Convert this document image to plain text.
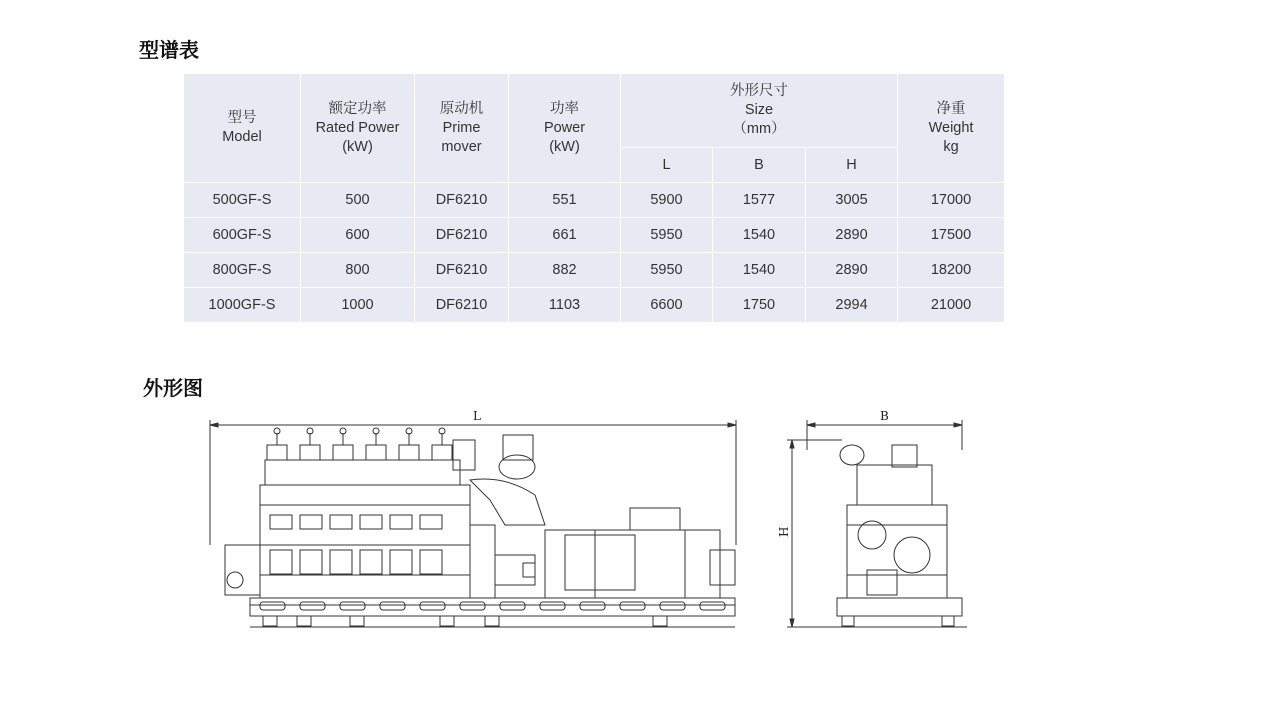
型谱表
型号
Model	额定功率
Rated Power
(kW)	原动机
Prime
mover	功率
Power
(kW)	外形尺寸
Size
（mm）			净重
Weight
kg

				L	B	H	
500GF-S	500	DF6210	551	5900	1577	3005	17000
600GF-S	600	DF6210	661	5950	1540	2890	17500
800GF-S	800	DF6210	882	5950	1540	2890	18200
1000GF-S	1000	DF6210	1103	6600	1750	2994	21000
外形图
L	B
H
